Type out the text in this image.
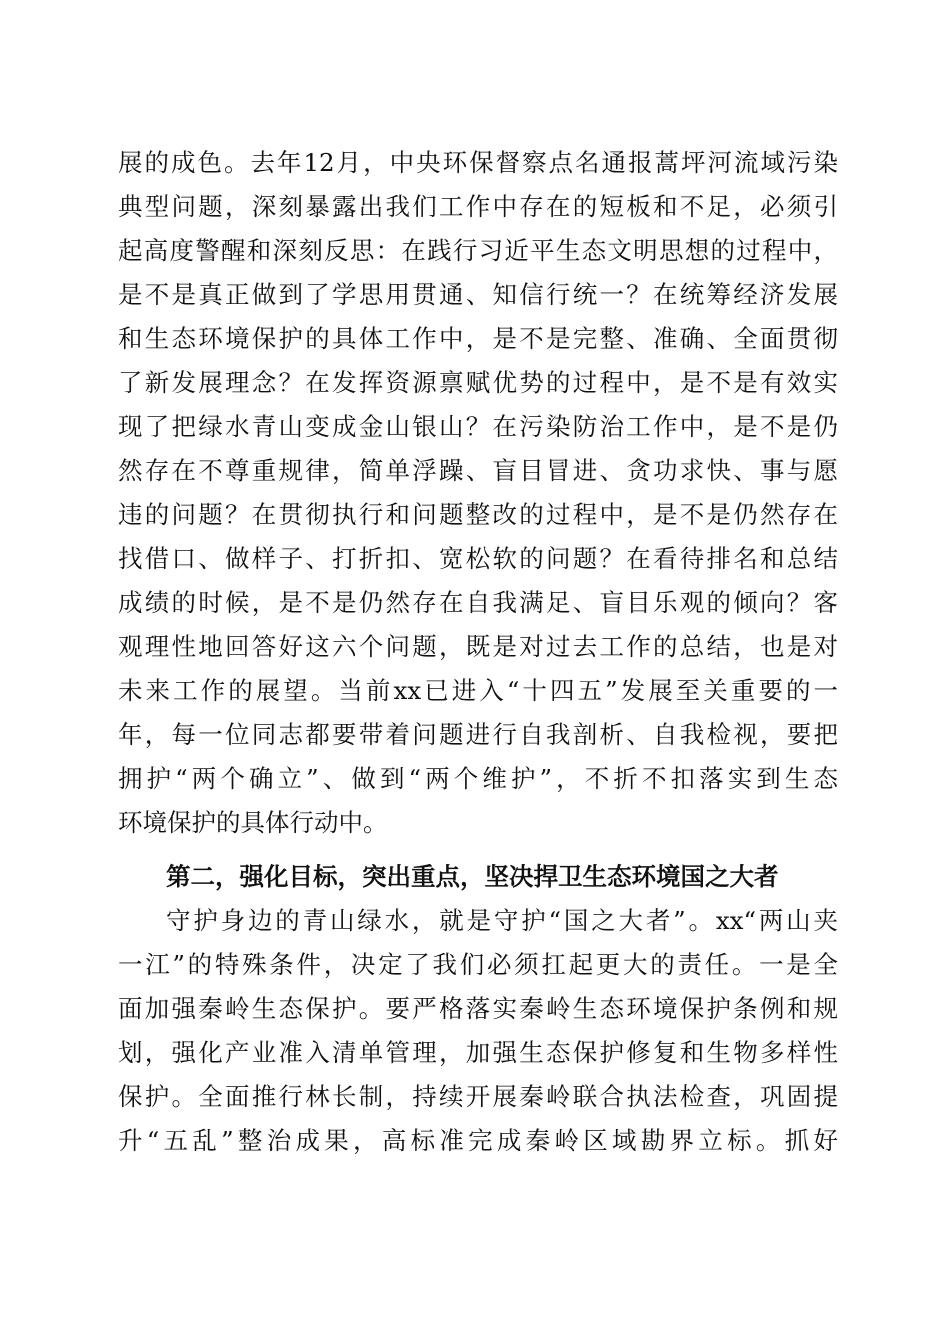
展的成色。去年12月，中央环保督察点名通报蒿坪河流域污染
典型问题，深刻暴露出我们工作中存在的短板和不足，必须引
起高度警醒和深刻反思：在践行习近平生态文明思想的过程中，
是不是真正做到了学思用贯通、知信行统一？在统筹经济发展
和生态环境保护的具体工作中，是不是完整、准确、全面贯彻
了新发展理念？在发挥资源禀赋优势的过程中，是不是有效实
现了把绿水青山变成金山银山？在污染防治工作中，是不是仍
然存在不尊重规律，简单浮躁、盲目冒进、贪功求快、事与愿
违的问题？在贯彻执行和问题整改的过程中，是不是仍然存在
找借口、做样子、打折扣、宽松软的问题？在看待排名和总结
成绩的时候，是不是仍然存在自我满足、盲目乐观的倾向？客
观理性地回答好这六个问题，既是对过去工作的总结，也是对
未来工作的展望。当前xx已进入“十四五”发展至关重要的一
年，每一位同志都要带着问题进行自我剖析、自我检视，要把
拥护“两个确立”、做到“两个维护”，不折不扣落实到生态
环境保护的具体行动中。
第二，强化目标，突出重点，坚决捍卫生态环境国之大者
守护身边的青山绿水，就是守护“国之大者”。xx“两山夹
一江”的特殊条件，决定了我们必须扛起更大的责任。一是全
面加强秦岭生态保护。要严格落实秦岭生态环境保护条例和规
划，强化产业准入清单管理，加强生态保护修复和生物多样性
保护。全面推行林长制，持续开展秦岭联合执法检查，巩固提
升“五乱”整治成果，高标准完成秦岭区域勘界立标。抓好
